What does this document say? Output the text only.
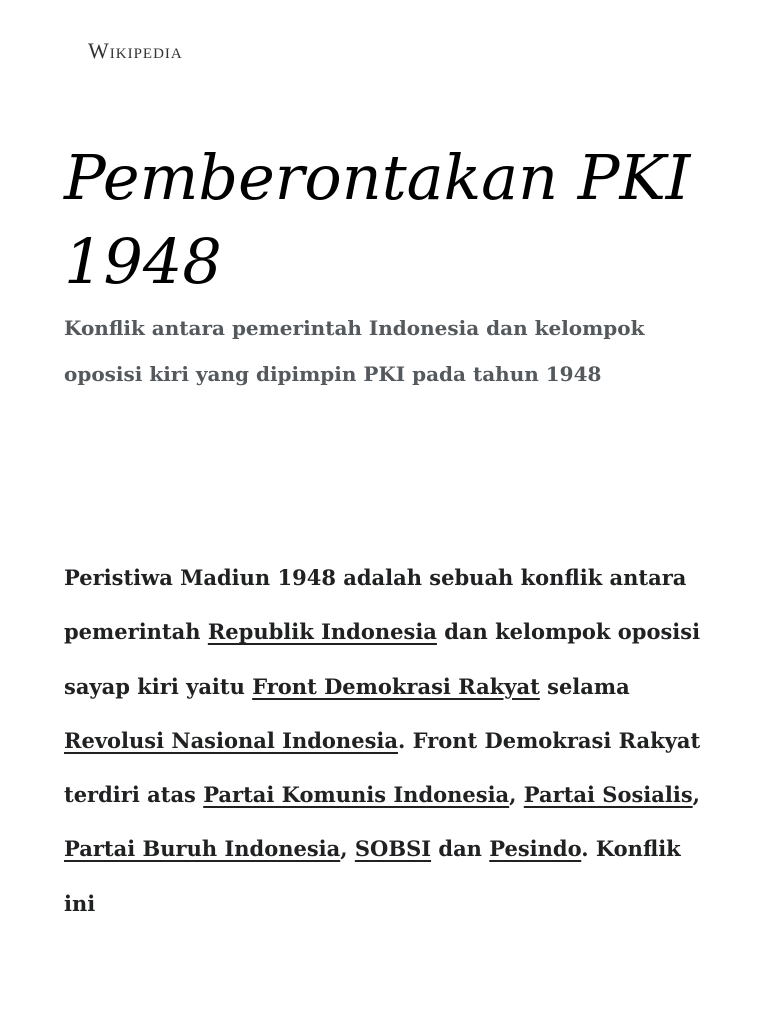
Wikipedia
Pemberontakan PKI 1948

Konflik antara pemerintah Indonesia dan kelompok oposisi kiri yang dipimpin PKI pada tahun 1948

Peristiwa Madiun 1948 adalah sebuah konflik antara pemerintah Republik Indonesia dan kelompok oposisi sayap kiri yaitu Front Demokrasi Rakyat selama Revolusi Nasional Indonesia. Front Demokrasi Rakyat terdiri atas Partai Komunis Indonesia, Partai Sosialis, Partai Buruh Indonesia, SOBSI dan Pesindo. Konflik ini
